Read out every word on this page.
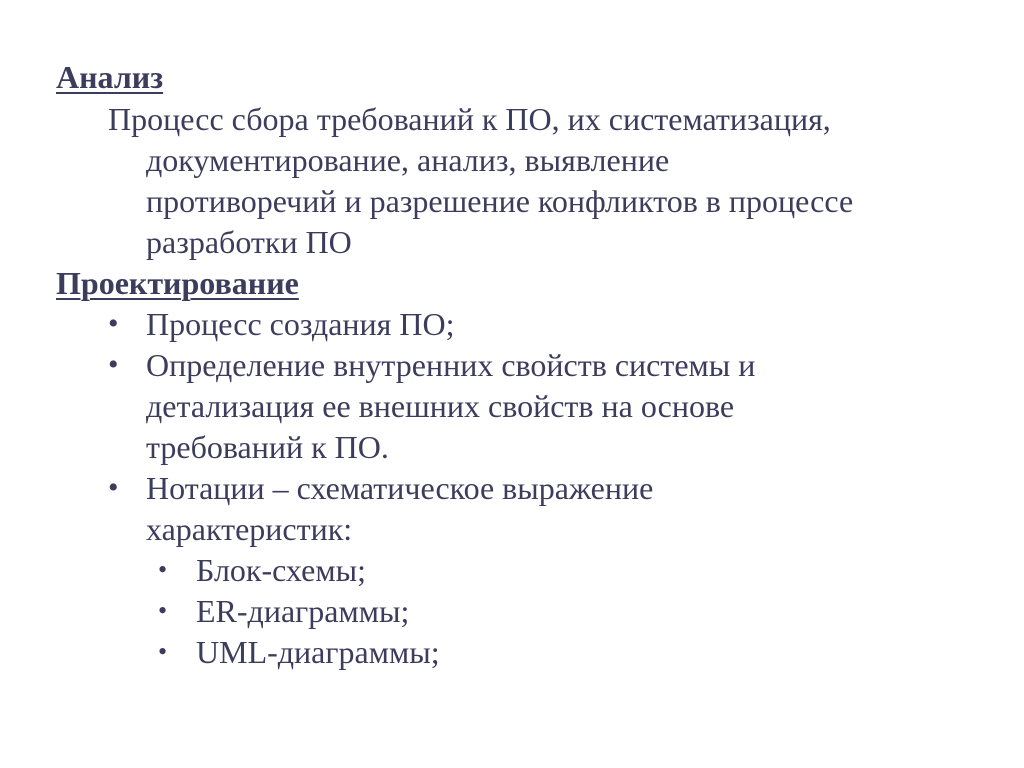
Анализ
Процесс сбора требований к ПО, их систематизация,
документирование, анализ, выявление
противоречий и разрешение конфликтов в процессе
разработки ПО
Проектирование
• Процесс создания ПО;
• Определение внутренних свойств системы и
детализация ее внешних свойств на основе
требований к ПО.
• Нотации – схематическое выражение
характеристик:
• Блок-схемы;
• ER-диаграммы;
• UML-диаграммы;
